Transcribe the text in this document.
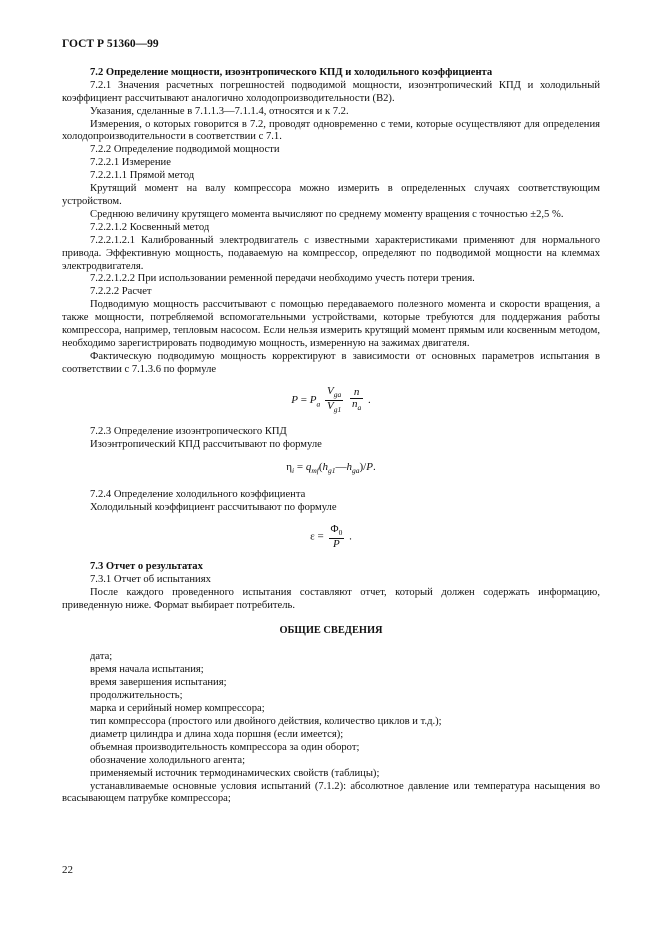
ГОСТ Р 51360—99

7.2 Определение мощности, изоэнтропического КПД и холодильного коэффициента

7.2.1 Значения расчетных погрешностей подводимой мощности, изоэнтропический КПД и холодильный коэффициент рассчитывают аналогично холодопроизводительности (В2).

Указания, сделанные в 7.1.1.3—7.1.1.4, относятся и к 7.2.

Измерения, о которых говорится в 7.2, проводят одновременно с теми, которые осуществляют для определения холодопроизводительности в соответствии с 7.1.

7.2.2 Определение подводимой мощности

7.2.2.1 Измерение

7.2.2.1.1 Прямой метод

Крутящий момент на валу компрессора можно измерить в определенных случаях соответствующим устройством.

Среднюю величину крутящего момента вычисляют по среднему моменту вращения с точностью ±2,5 %.

7.2.2.1.2 Косвенный метод

7.2.2.1.2.1 Калиброванный электродвигатель с известными характеристиками применяют для нормального привода. Эффективную мощность, подаваемую на компрессор, определяют по подводимой мощности на клеммах электродвигателя.

7.2.2.1.2.2 При использовании ременной передачи необходимо учесть потери трения.

7.2.2.2 Расчет

Подводимую мощность рассчитывают с помощью передаваемого полезного момента и скорости вращения, а также мощности, потребляемой вспомогательными устройствами, которые требуются для поддержания работы компрессора, например, тепловым насосом. Если нельзя измерить крутящий момент прямым или косвенным методом, необходимо зарегистрировать подводимую мощность, измеренную на зажимах двигателя.

Фактическую подводимую мощность корректируют в зависимости от основных параметров испытания в соответствии с 7.1.3.6 по формуле

$P = P_a \frac{V_{ga}}{V_{g1}}$
$\frac{n}{n_a}$ .

7.2.3 Определение изоэнтропического КПД

Изоэнтропический КПД рассчитывают по формуле

$\eta_i$ = $q_{mf}(h_{g1}—h_{ga})/P$.

7.2.4 Определение холодильного коэффициента

Холодильный коэффициент рассчитывают по формуле

$\varepsilon = \frac{\Phi_0}{P}$ .

7.3 Отчет о результатах

7.3.1 Отчет об испытаниях

После каждого проведенного испытания составляют отчет, который должен содержать информацию, приведенную ниже. Формат выбирает потребитель.

ОБЩИЕ СВЕДЕНИЯ

дата;

время начала испытания;

время завершения испытания;

продолжительность;

марка и серийный номер компрессора;

тип компрессора (простого или двойного действия, количество циклов и т.д.);

диаметр цилиндра и длина хода поршня (если имеется);

объемная производительность компрессора за один оборот;

обозначение холодильного агента;

применяемый источник термодинамических свойств (таблицы);

устанавливаемые основные условия испытаний (7.1.2): абсолютное давление или температура насыщения во всасывающем патрубке компрессора;

22
